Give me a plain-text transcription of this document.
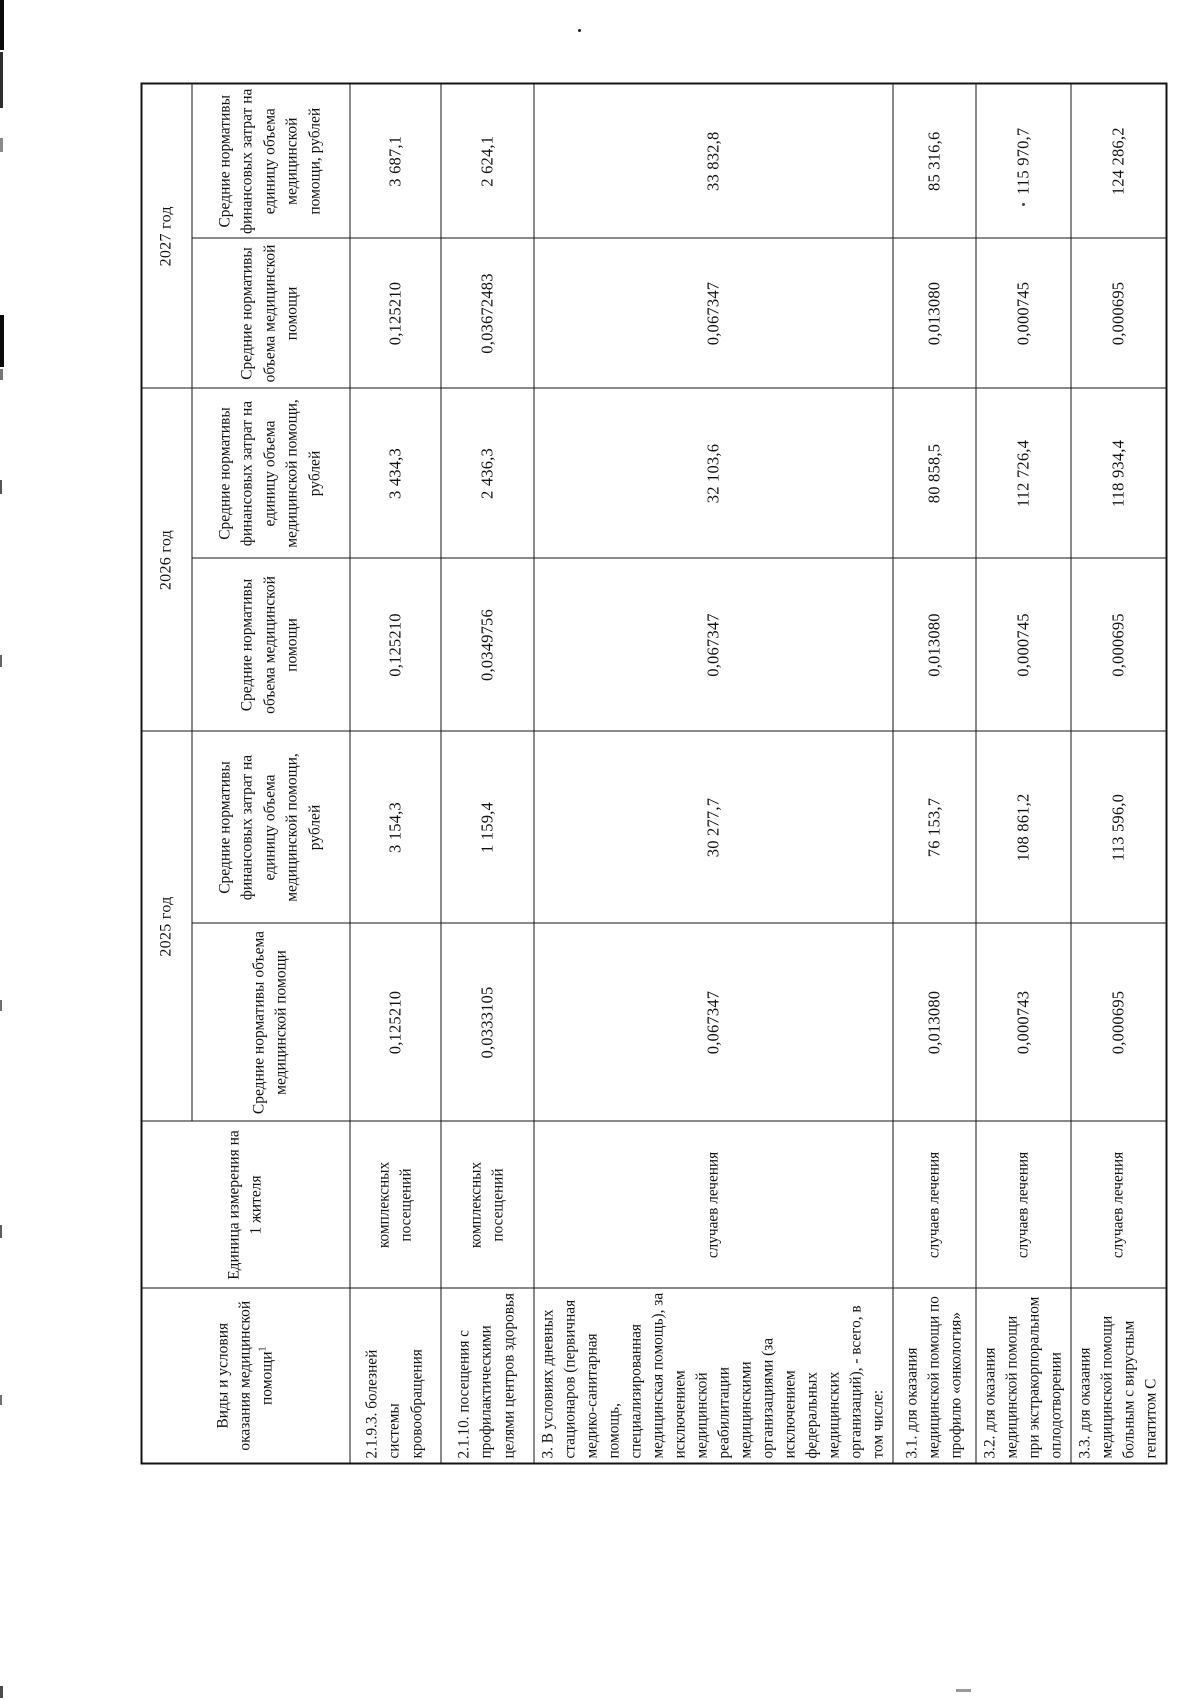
Виды и условия оказания медицинской помощи$^1$	Единица измерения на 1 жителя	2025 год		2026 год		2027 год	
		Средние нормативы объема медицинской помощи	Средние нормативы финансовых затрат на единицу объема медицинской помощи, рублей	Средние нормативы объема медицинской помощи	Средние нормативы финансовых затрат на единицу объема медицинской помощи, рублей	Средние нормативы объема медицинской помощи	Средние нормативы финансовых затрат на единицу объема медицинской помощи, рублей
2.1.9.3. болезней системы кровообращения	комплексных посещений	0,125210	3 154,3	0,125210	3 434,3	0,125210	3 687,1
2.1.10. посещения с профилактическими целями центров здоровья	комплексных посещений	0,0333105	1 159,4	0,0349756	2 436,3	0,03672483	2 624,1
3. В условиях дневных стационаров (первичная медико-санитарная помощь, специализированная медицинская помощь), за исключением медицинской реабилитации медицинскими организациями (за исключением федеральных медицинских организаций), - всего, в том числе:	случаев лечения	0,067347	30 277,7	0,067347	32 103,6	0,067347	33 832,8
3.1. для оказания медицинской помощи по профилю «онкология»	случаев лечения	0,013080	76 153,7	0,013080	80 858,5	0,013080	85 316,6
3.2. для оказания медицинской помощи при экстракорпоральном оплодотворении	случаев лечения	0,000743	108 861,2	0,000745	112 726,4	0,000745	115 970,7
3.3. для оказания медицинской помощи больным с вирусным гепатитом С	случаев лечения	0,000695	113 596,0	0,000695	118 934,4	0,000695	124 286,2
